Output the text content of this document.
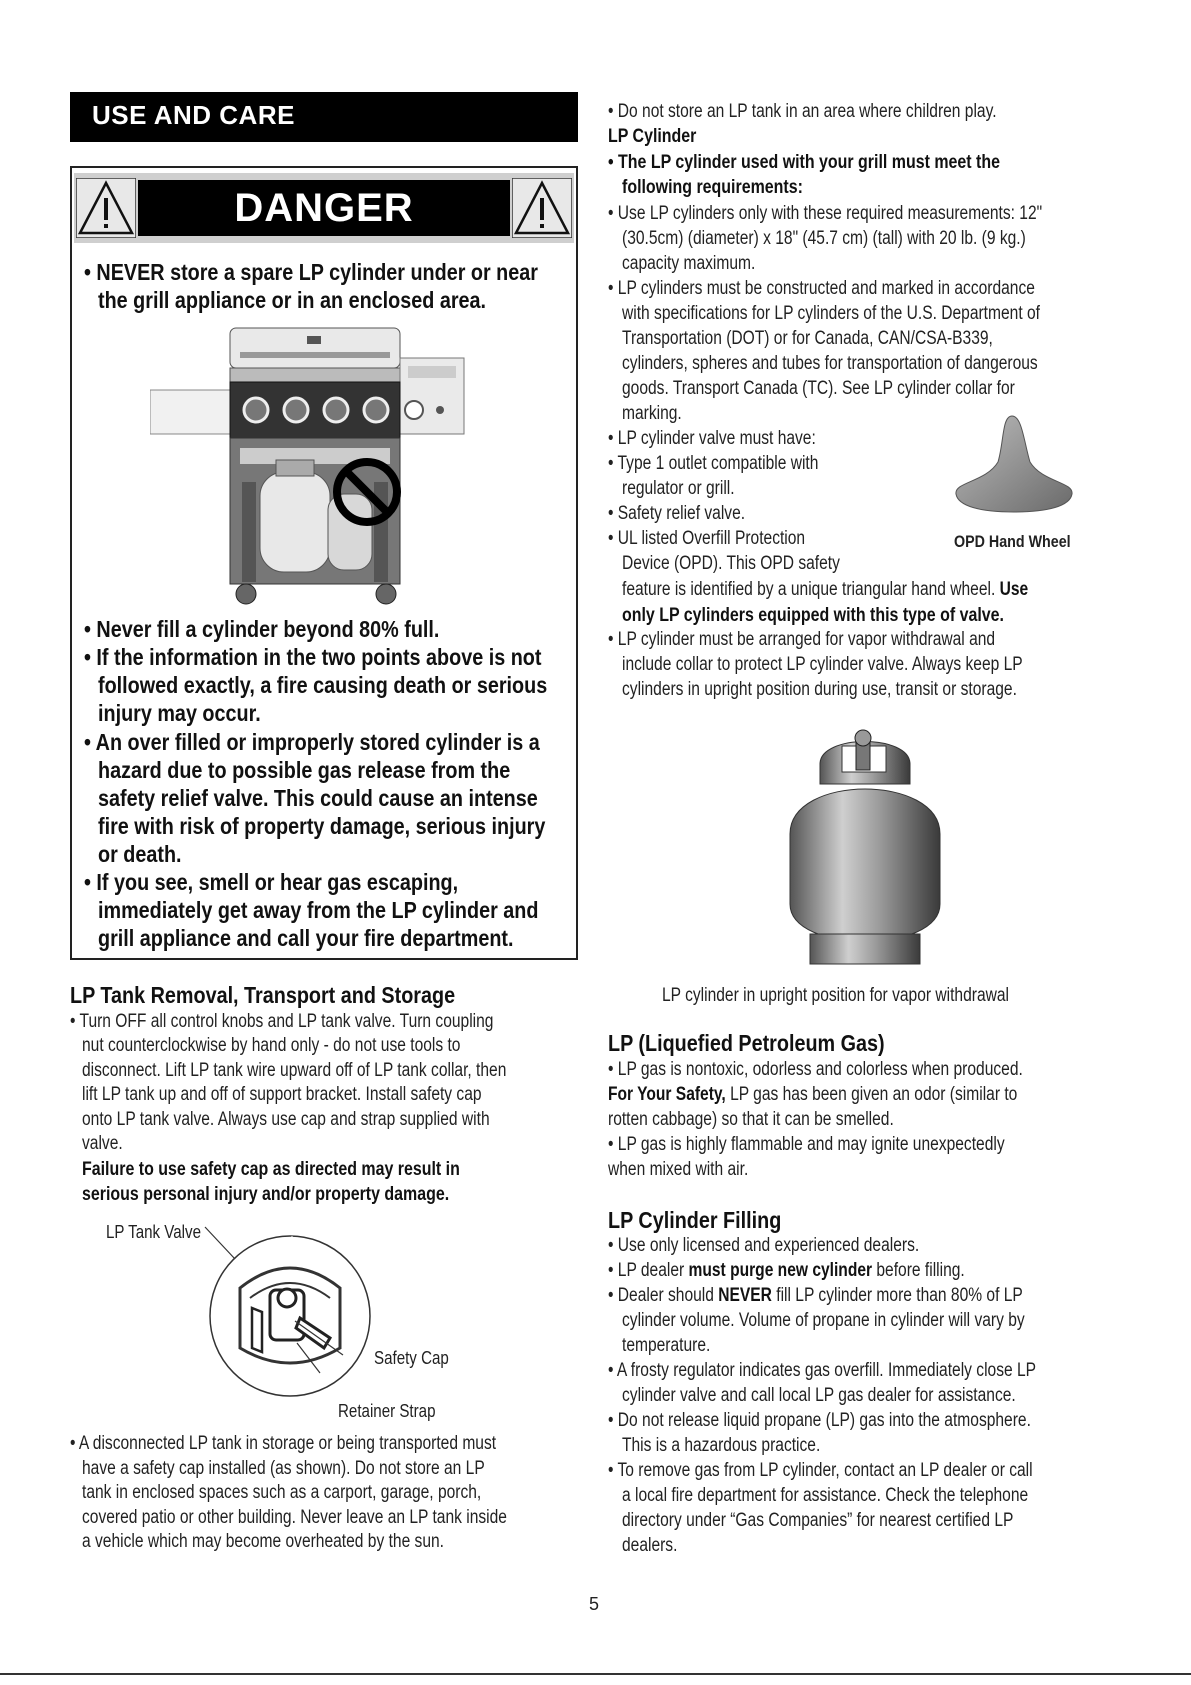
USE AND CARE
DANGER
• NEVER store a spare LP cylinder under or near
the grill appliance or in an enclosed area.
• Never fill a cylinder beyond 80% full.
• If the information in the two points above is not
followed exactly, a fire causing death or serious
injury may occur.
• An over filled or improperly stored cylinder is a
hazard due to possible gas release from the
safety relief valve. This could cause an intense
fire with risk of property damage, serious injury
or death.
• If you see, smell or hear gas escaping,
immediately get away from the LP cylinder and
grill appliance and call your fire department.
LP Tank Removal, Transport and Storage
• Turn OFF all control knobs and LP tank valve. Turn coupling
nut counterclockwise by hand only - do not use tools to
disconnect. Lift LP tank wire upward off of LP tank collar, then
lift LP tank up and off of support bracket. Install safety cap
onto LP tank valve. Always use cap and strap supplied with
valve.
Failure to use safety cap as directed may result in
serious personal injury and/or property damage.
LP Tank Valve
Safety Cap
Retainer Strap
• A disconnected LP tank in storage or being transported must
have a safety cap installed (as shown). Do not store an LP
tank in enclosed spaces such as a carport, garage, porch,
covered patio or other building. Never leave an LP tank inside
a vehicle which may become overheated by the sun.
• Do not store an LP tank in an area where children play.
LP Cylinder
• The LP cylinder used with your grill must meet the
following requirements:
• Use LP cylinders only with these required measurements: 12"
(30.5cm) (diameter) x 18" (45.7 cm) (tall) with 20 lb. (9 kg.)
capacity maximum.
• LP cylinders must be constructed and marked in accordance
with specifications for LP cylinders of the U.S. Department of
Transportation (DOT) or for Canada, CAN/CSA-B339,
cylinders, spheres and tubes for transportation of dangerous
goods. Transport Canada (TC). See LP cylinder collar for
marking.
• LP cylinder valve must have:
• Type 1 outlet compatible with
regulator or grill.
• Safety relief valve.
• UL listed Overfill Protection
Device (OPD). This OPD safety
OPD Hand Wheel
feature is identified by a unique triangular hand wheel. Use
only LP cylinders equipped with this type of valve.
• LP cylinder must be arranged for vapor withdrawal and
include collar to protect LP cylinder valve. Always keep LP
cylinders in upright position during use, transit or storage.
LP cylinder in upright position for vapor withdrawal
LP (Liquefied Petroleum Gas)
• LP gas is nontoxic, odorless and colorless when produced.
For Your Safety, LP gas has been given an odor (similar to
rotten cabbage) so that it can be smelled.
• LP gas is highly flammable and may ignite unexpectedly
when mixed with air.
LP Cylinder Filling
• Use only licensed and experienced dealers.
• LP dealer must purge new cylinder before filling.
• Dealer should NEVER fill LP cylinder more than 80% of LP
cylinder volume. Volume of propane in cylinder will vary by
temperature.
• A frosty regulator indicates gas overfill. Immediately close LP
cylinder valve and call local LP gas dealer for assistance.
• Do not release liquid propane (LP) gas into the atmosphere.
This is a hazardous practice.
• To remove gas from LP cylinder, contact an LP dealer or call
a local fire department for assistance. Check the telephone
directory under “Gas Companies” for nearest certified LP
dealers.
5
